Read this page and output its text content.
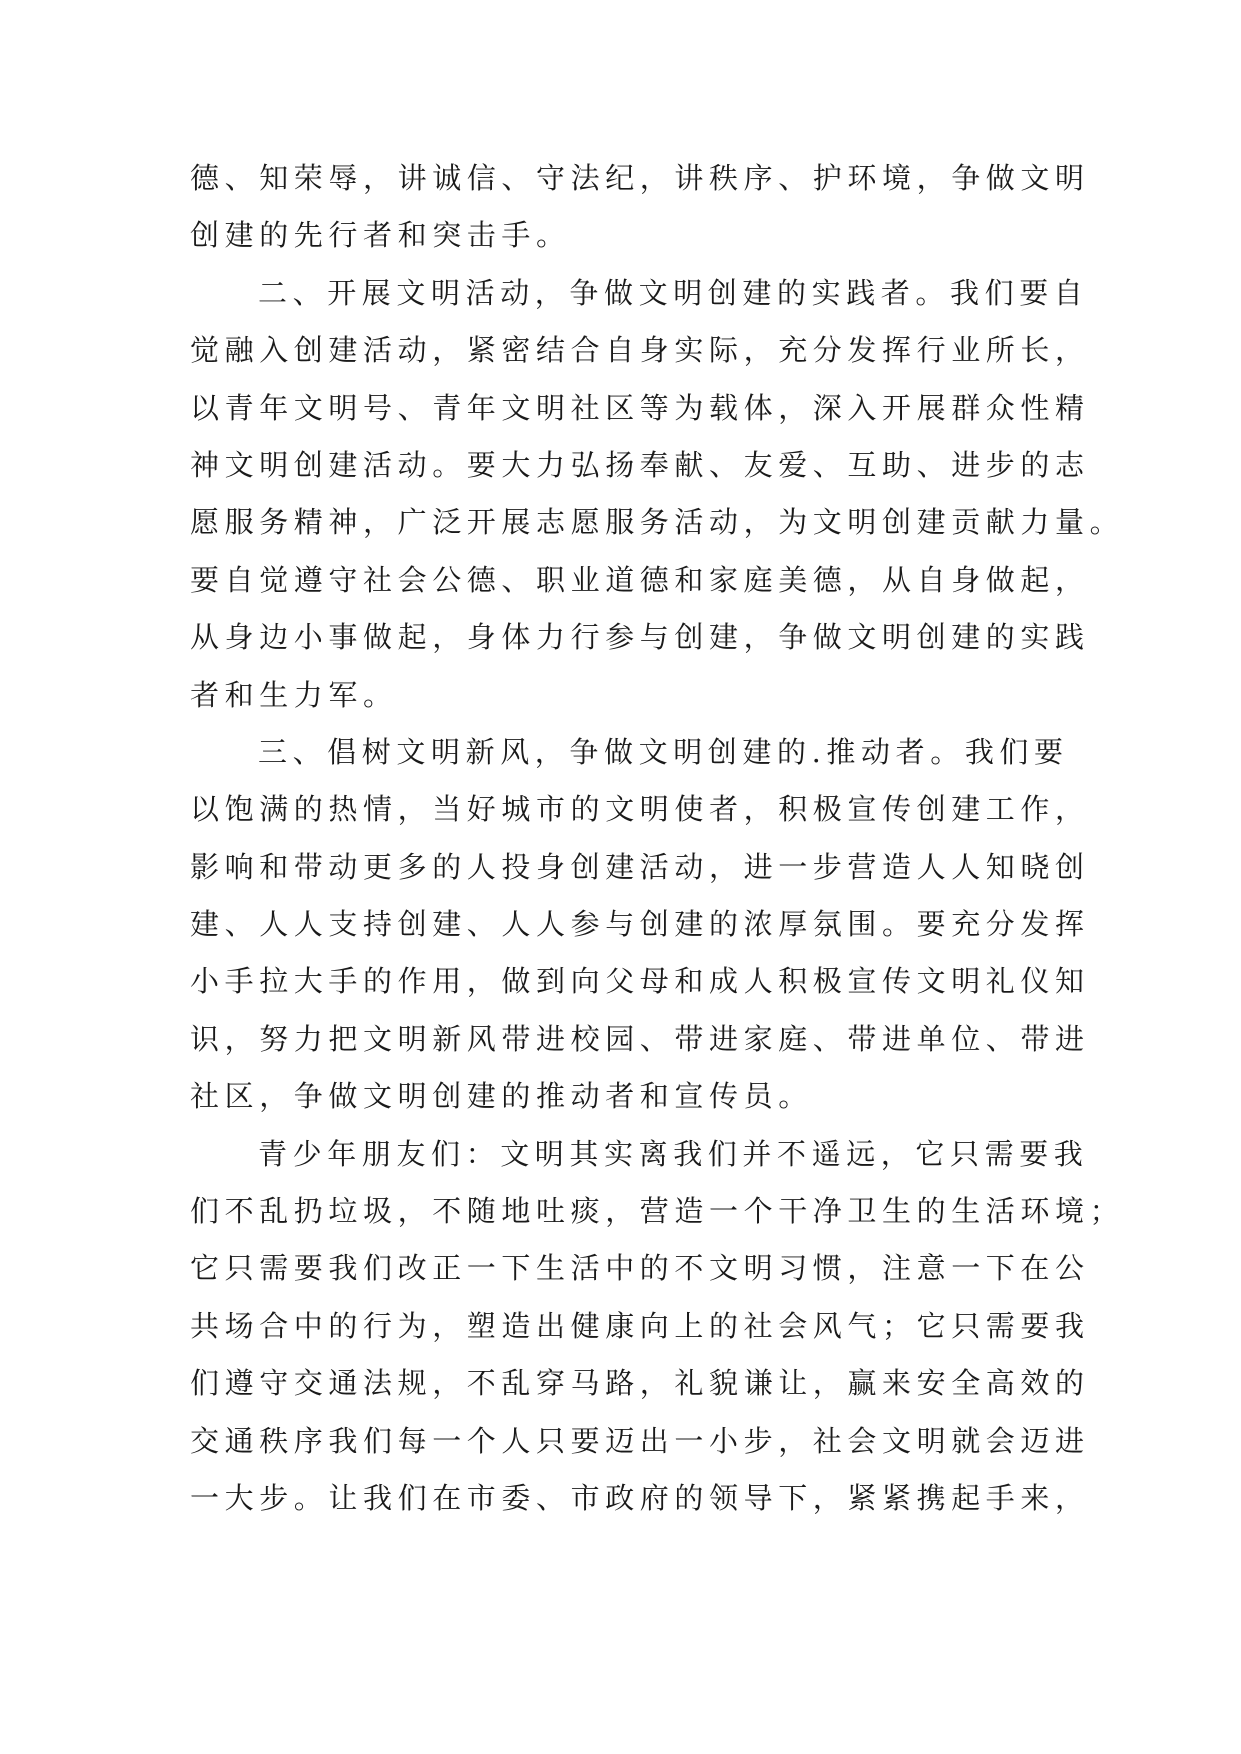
德、知荣辱，讲诚信、守法纪，讲秩序、护环境，争做文明
创建的先行者和突击手。
二、开展文明活动，争做文明创建的实践者。我们要自
觉融入创建活动，紧密结合自身实际，充分发挥行业所长，
以青年文明号、青年文明社区等为载体，深入开展群众性精
神文明创建活动。要大力弘扬奉献、友爱、互助、进步的志
愿服务精神，广泛开展志愿服务活动，为文明创建贡献力量。
要自觉遵守社会公德、职业道德和家庭美德，从自身做起，
从身边小事做起，身体力行参与创建，争做文明创建的实践
者和生力军。
三、倡树文明新风，争做文明创建的.推动者。我们要
以饱满的热情，当好城市的文明使者，积极宣传创建工作，
影响和带动更多的人投身创建活动，进一步营造人人知晓创
建、人人支持创建、人人参与创建的浓厚氛围。要充分发挥
小手拉大手的作用，做到向父母和成人积极宣传文明礼仪知
识，努力把文明新风带进校园、带进家庭、带进单位、带进
社区，争做文明创建的推动者和宣传员。
青少年朋友们：文明其实离我们并不遥远，它只需要我
们不乱扔垃圾，不随地吐痰，营造一个干净卫生的生活环境；
它只需要我们改正一下生活中的不文明习惯，注意一下在公
共场合中的行为，塑造出健康向上的社会风气；它只需要我
们遵守交通法规，不乱穿马路，礼貌谦让，赢来安全高效的
交通秩序我们每一个人只要迈出一小步，社会文明就会迈进
一大步。让我们在市委、市政府的领导下，紧紧携起手来，
